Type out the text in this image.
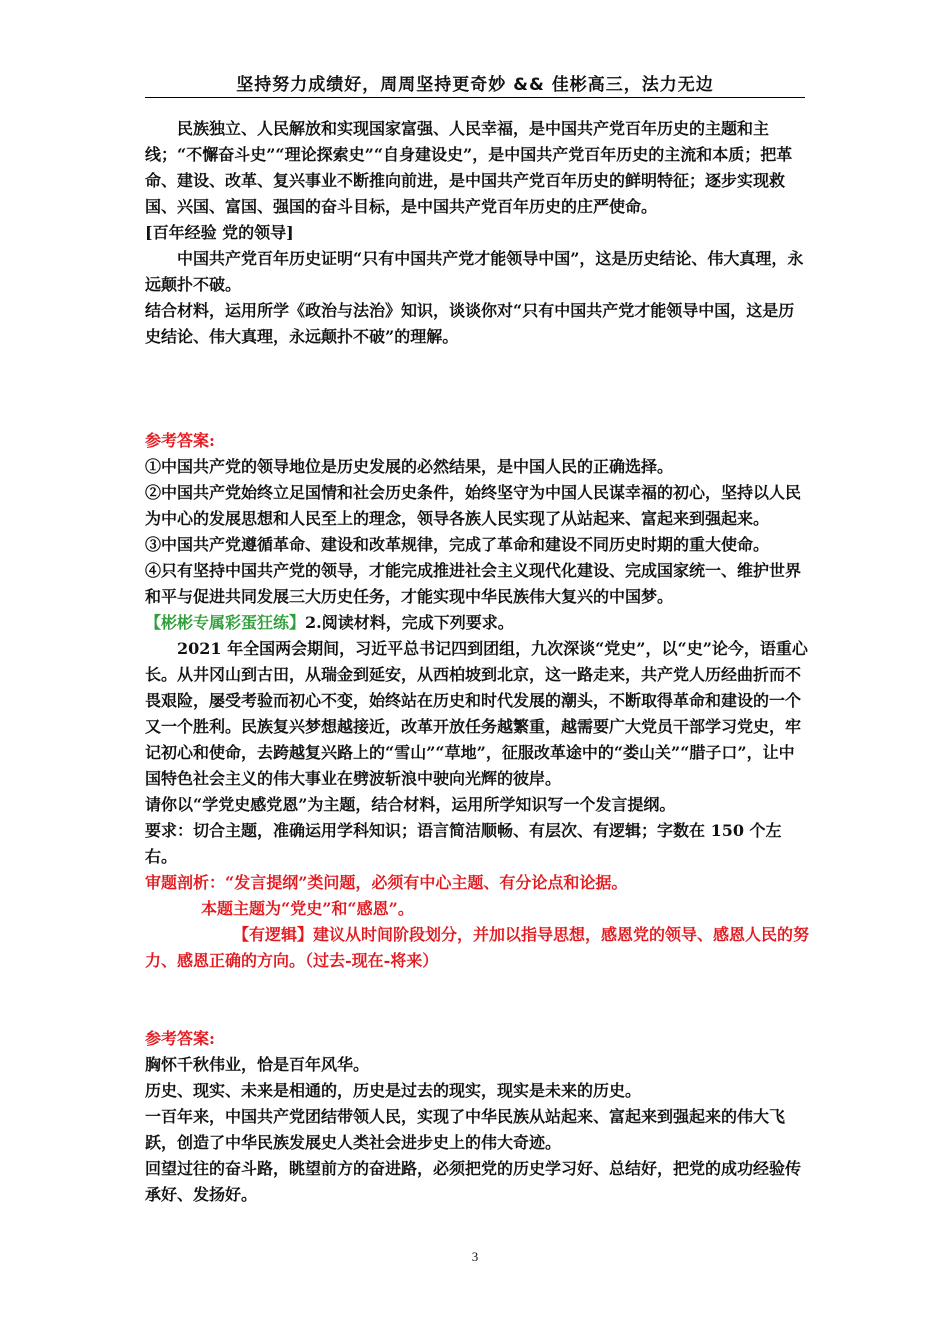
坚持努力成绩好，周周坚持更奇妙 && 佳彬高三，法力无边

民族独立、人民解放和实现国家富强、人民幸福，是中国共产党百年历史的主题和主线；“不懈奋斗史”“理论探索史”“自身建设史”，是中国共产党百年历史的主流和本质；把革命、建设、改革、复兴事业不断推向前进，是中国共产党百年历史的鲜明特征；逐步实现救国、兴国、富国、强国的奋斗目标，是中国共产党百年历史的庄严使命。

[百年经验 党的领导]

中国共产党百年历史证明“只有中国共产党才能领导中国”，这是历史结论、伟大真理，永远颠扑不破。

结合材料，运用所学《政治与法治》知识，谈谈你对“只有中国共产党才能领导中国，这是历史结论、伟大真理，永远颠扑不破”的理解。

参考答案:

①中国共产党的领导地位是历史发展的必然结果，是中国人民的正确选择。

②中国共产党始终立足国情和社会历史条件，始终坚守为中国人民谋幸福的初心，坚持以人民为中心的发展思想和人民至上的理念，领导各族人民实现了从站起来、富起来到强起来。

③中国共产党遵循革命、建设和改革规律，完成了革命和建设不同历史时期的重大使命。

④只有坚持中国共产党的领导，才能完成推进社会主义现代化建设、完成国家统一、维护世界和平与促进共同发展三大历史任务，才能实现中华民族伟大复兴的中国梦。

【彬彬专属彩蛋狂练】2.阅读材料，完成下列要求。

2021 年全国两会期间，习近平总书记四到团组，九次深谈“党史”，以“史”论今，语重心长。从井冈山到古田，从瑞金到延安，从西柏坡到北京，这一路走来，共产党人历经曲折而不畏艰险，屡受考验而初心不变，始终站在历史和时代发展的潮头，不断取得革命和建设的一个又一个胜利。民族复兴梦想越接近，改革开放任务越繁重，越需要广大党员干部学习党史，牢记初心和使命，去跨越复兴路上的“雪山”“草地”，征服改革途中的“娄山关”“腊子口”，让中国特色社会主义的伟大事业在劈波斩浪中驶向光辉的彼岸。

请你以“学党史感党恩”为主题，结合材料，运用所学知识写一个发言提纲。

要求：切合主题，准确运用学科知识；语言简洁顺畅、有层次、有逻辑；字数在 150 个左右。

审题剖析：“发言提纲”类问题，必须有中心主题、有分论点和论据。

本题主题为“党史”和“感恩”。

【有逻辑】建议从时间阶段划分，并加以指导思想，感恩党的领导、感恩人民的努力、感恩正确的方向。（过去-现在-将来）

参考答案:

胸怀千秋伟业，恰是百年风华。

历史、现实、未来是相通的，历史是过去的现实，现实是未来的历史。

一百年来，中国共产党团结带领人民，实现了中华民族从站起来、富起来到强起来的伟大飞跃，创造了中华民族发展史人类社会进步史上的伟大奇迹。

回望过往的奋斗路，眺望前方的奋进路，必须把党的历史学习好、总结好，把党的成功经验传承好、发扬好。

3
